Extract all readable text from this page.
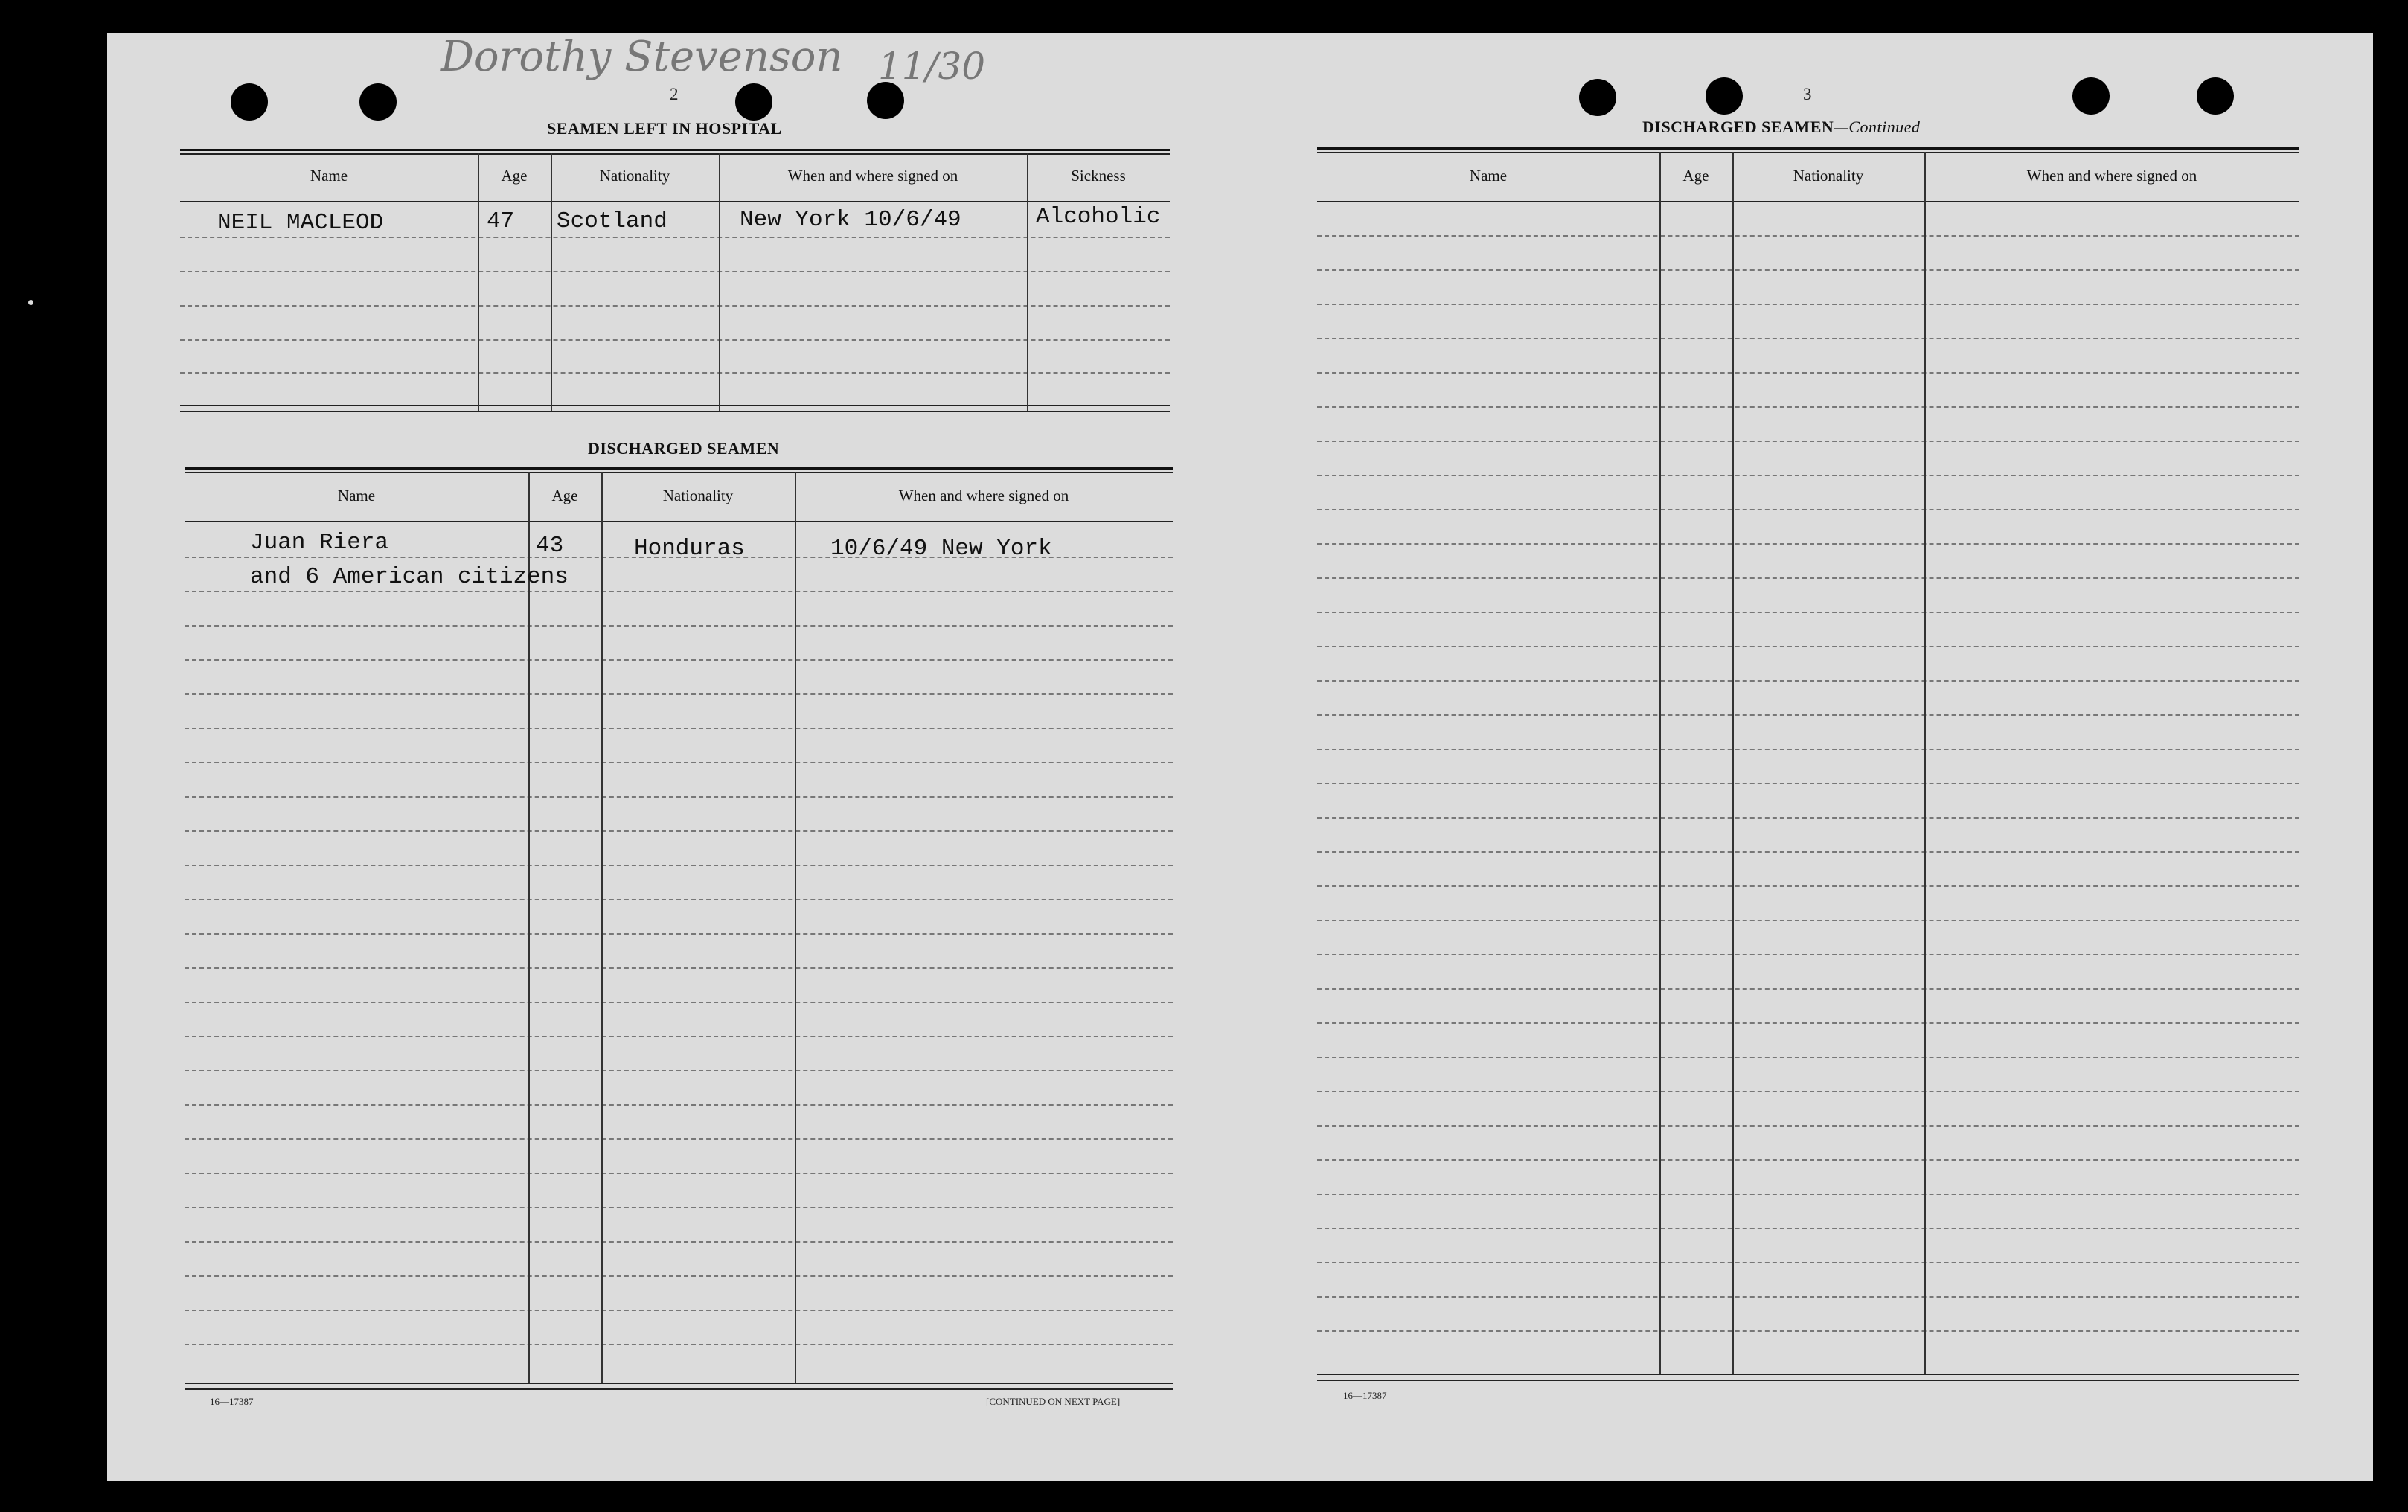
Dorothy Stevenson 11/30
2
SEAMEN LEFT IN HOSPITAL
Name	Age	Nationality	When and where signed on	Sickness
NEIL MACLEOD	47 Scotland	New York 10/6/49	Alcoholic
DISCHARGED SEAMEN
Name	Age	Nationality	When and where signed on
Juan Riera	43	Honduras	10/6/49 New York
and 6 American citizens
16—17387	[CONTINUED ON NEXT PAGE]
3
DISCHARGED SEAMEN—Continued
Name	Age	Nationality	When and where signed on
16—17387
